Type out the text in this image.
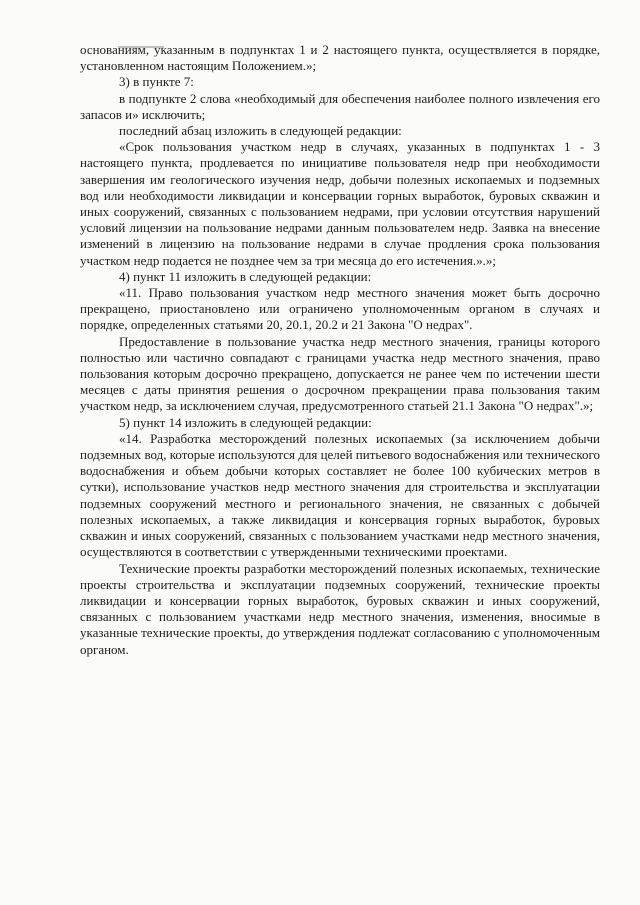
основаниям, указанным в подпунктах 1 и 2 настоящего пункта, осуществляется в порядке, установленном настоящим Положением.»;

3) в пункте 7:

в подпункте 2 слова «необходимый для обеспечения наиболее полного извлечения его запасов и» исключить;

последний абзац изложить в следующей редакции:

«Срок пользования участком недр в случаях, указанных в подпунктах 1 - 3 настоящего пункта, продлевается по инициативе пользователя недр при необходимости завершения им геологического изучения недр, добычи полезных ископаемых и подземных вод или необходимости ликвидации и консервации горных выработок, буровых скважин и иных сооружений, связанных с пользованием недрами, при условии отсутствия нарушений условий лицензии на пользование недрами данным пользователем недр. Заявка на внесение изменений в лицензию на пользование недрами в случае продления срока пользования участком недр подается не позднее чем за три месяца до его истечения.».»;

4) пункт 11 изложить в следующей редакции:

«11. Право пользования участком недр местного значения может быть досрочно прекращено, приостановлено или ограничено уполномоченным органом в случаях и порядке, определенных статьями 20, 20.1, 20.2 и 21 Закона "О недрах".

Предоставление в пользование участка недр местного значения, границы которого полностью или частично совпадают с границами участка недр местного значения, право пользования которым досрочно прекращено, допускается не ранее чем по истечении шести месяцев с даты принятия решения о досрочном прекращении права пользования таким участком недр, за исключением случая, предусмотренного статьей 21.1 Закона "О недрах".»;

5) пункт 14 изложить в следующей редакции:

«14. Разработка месторождений полезных ископаемых (за исключением добычи подземных вод, которые используются для целей питьевого водоснабжения или технического водоснабжения и объем добычи которых составляет не более 100 кубических метров в сутки), использование участков недр местного значения для строительства и эксплуатации подземных сооружений местного и регионального значения, не связанных с добычей полезных ископаемых, а также ликвидация и консервация горных выработок, буровых скважин и иных сооружений, связанных с пользованием участками недр местного значения, осуществляются в соответствии с утвержденными техническими проектами.

Технические проекты разработки месторождений полезных ископаемых, технические проекты строительства и эксплуатации подземных сооружений, технические проекты ликвидации и консервации горных выработок, буровых скважин и иных сооружений, связанных с пользованием участками недр местного значения, изменения, вносимые в указанные технические проекты, до утверждения подлежат согласованию с уполномоченным органом.
